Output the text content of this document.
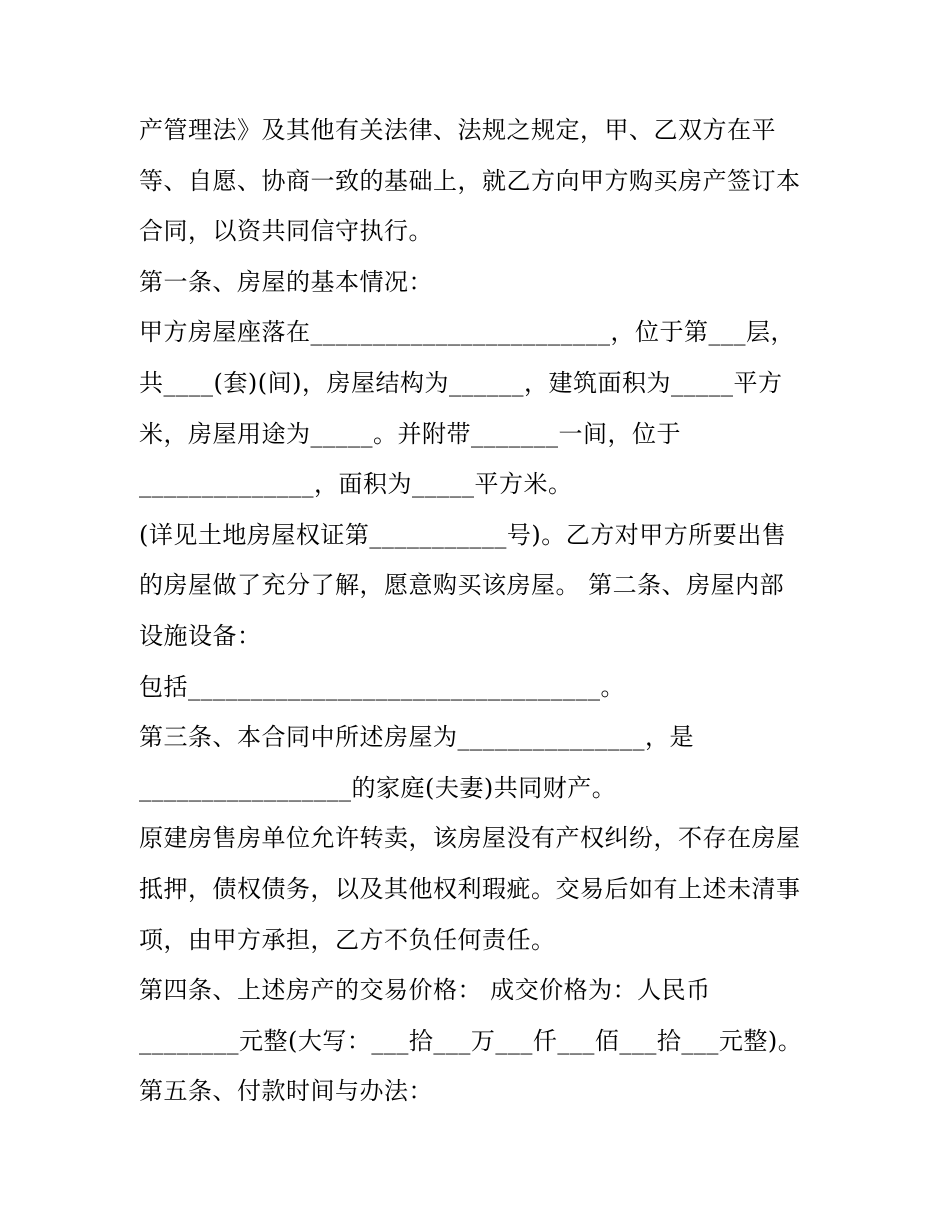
产管理法》及其他有关法律、法规之规定，甲、乙双方在平
等、自愿、协商一致的基础上，就乙方向甲方购买房产签订本
合同，以资共同信守执行。
第一条、房屋的基本情况：
甲方房屋座落在________________________，位于第___层，
共____(套)(间)，房屋结构为______，建筑面积为_____平方
米，房屋用途为_____。并附带_______一间，位于
______________，面积为_____平方米。
(详见土地房屋权证第___________号)。乙方对甲方所要出售
的房屋做了充分了解，愿意购买该房屋。 第二条、房屋内部
设施设备：
包括_________________________________。
第三条、本合同中所述房屋为_______________，是
_________________的家庭(夫妻)共同财产。
原建房售房单位允许转卖，该房屋没有产权纠纷，不存在房屋
抵押，债权债务，以及其他权利瑕疵。交易后如有上述未清事
项，由甲方承担，乙方不负任何责任。
第四条、上述房产的交易价格： 成交价格为：人民币
________元整(大写：___拾___万___仟___佰___拾___元整)。
第五条、付款时间与办法：
